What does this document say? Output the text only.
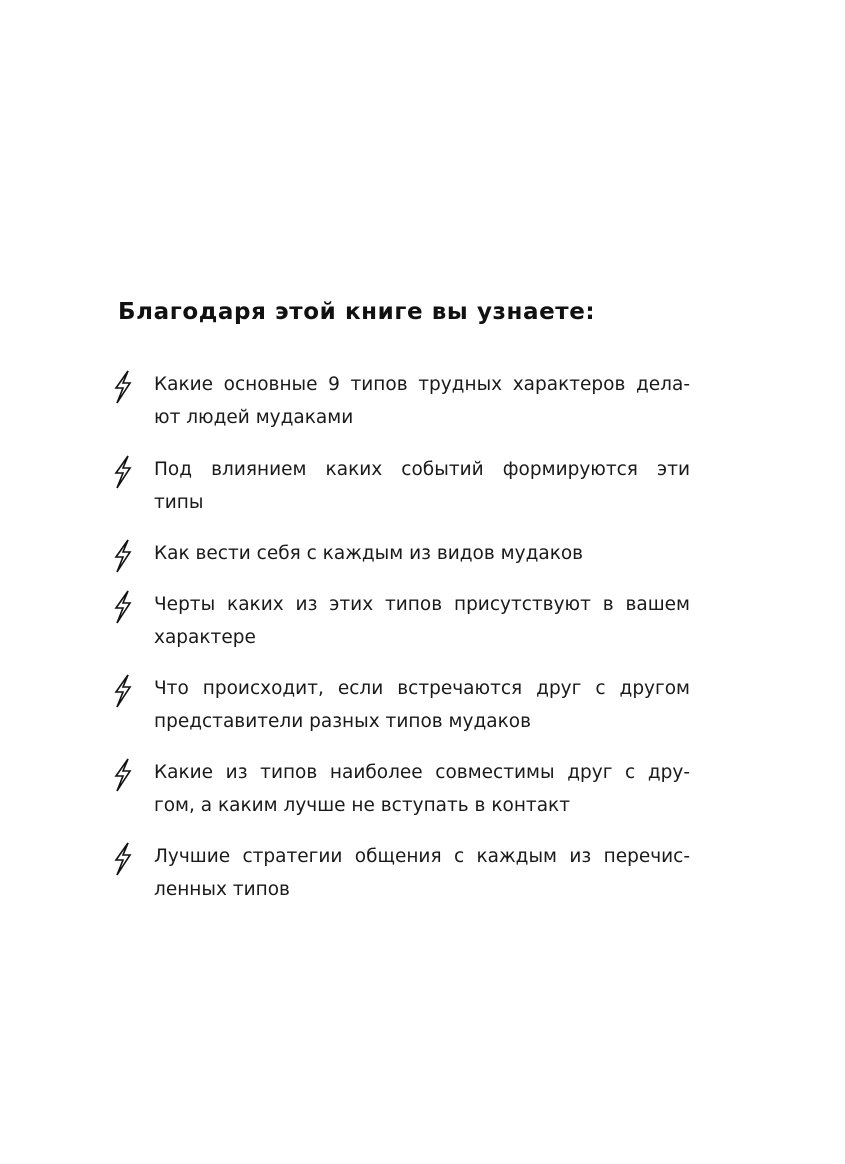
Благодаря этой книге вы узнаете:

Какие основные 9 типов трудных характеров дела-
ют людей мудаками

Под влиянием каких событий формируются эти
типы

Как вести себя с каждым из видов мудаков

Черты каких из этих типов присутствуют в вашем
характере

Что происходит, если встречаются друг с другом
представители разных типов мудаков

Какие из типов наиболее совместимы друг с дру-
гом, а каким лучше не вступать в контакт

Лучшие стратегии общения с каждым из перечис-
ленных типов
